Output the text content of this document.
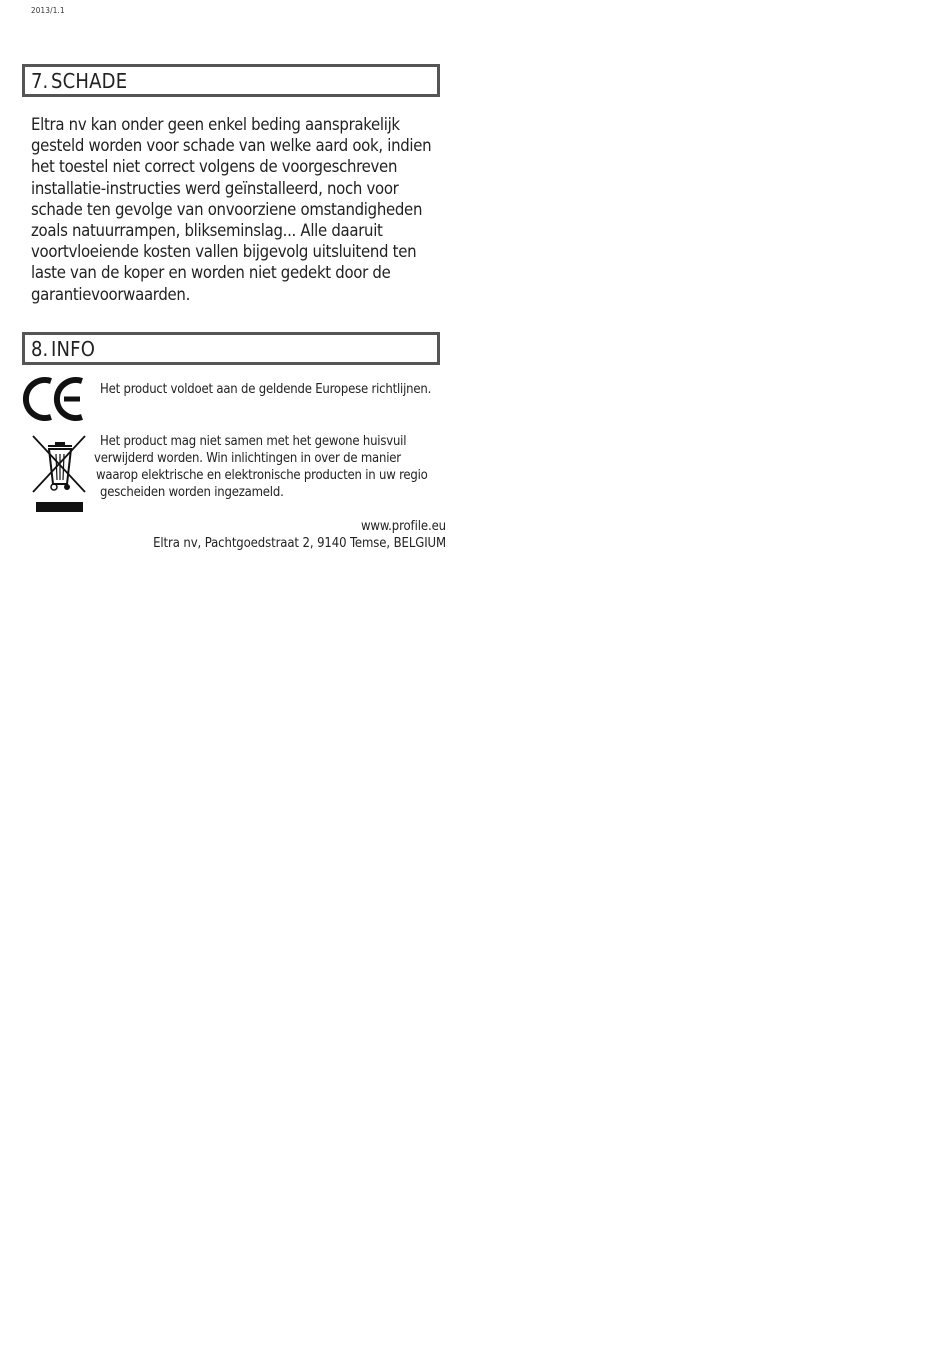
2013/1.1
7. SCHADE
Eltra nv kan onder geen enkel beding aansprakelijk
gesteld worden voor schade van welke aard ook, indien
het toestel niet correct volgens de voorgeschreven
installatie-instructies werd geïnstalleerd, noch voor
schade ten gevolge van onvoorziene omstandigheden
zoals natuurrampen, blikseminslag... Alle daaruit
voortvloeiende kosten vallen bijgevolg uitsluitend ten
laste van de koper en worden niet gedekt door de
garantievoorwaarden.
8. INFO
Het product voldoet aan de geldende Europese richtlijnen.
Het product mag niet samen met het gewone huisvuil
verwijderd worden. Win inlichtingen in over de manier
waarop elektrische en elektronische producten in uw regio
gescheiden worden ingezameld.
www.profile.eu
Eltra nv, Pachtgoedstraat 2, 9140 Temse, BELGIUM
